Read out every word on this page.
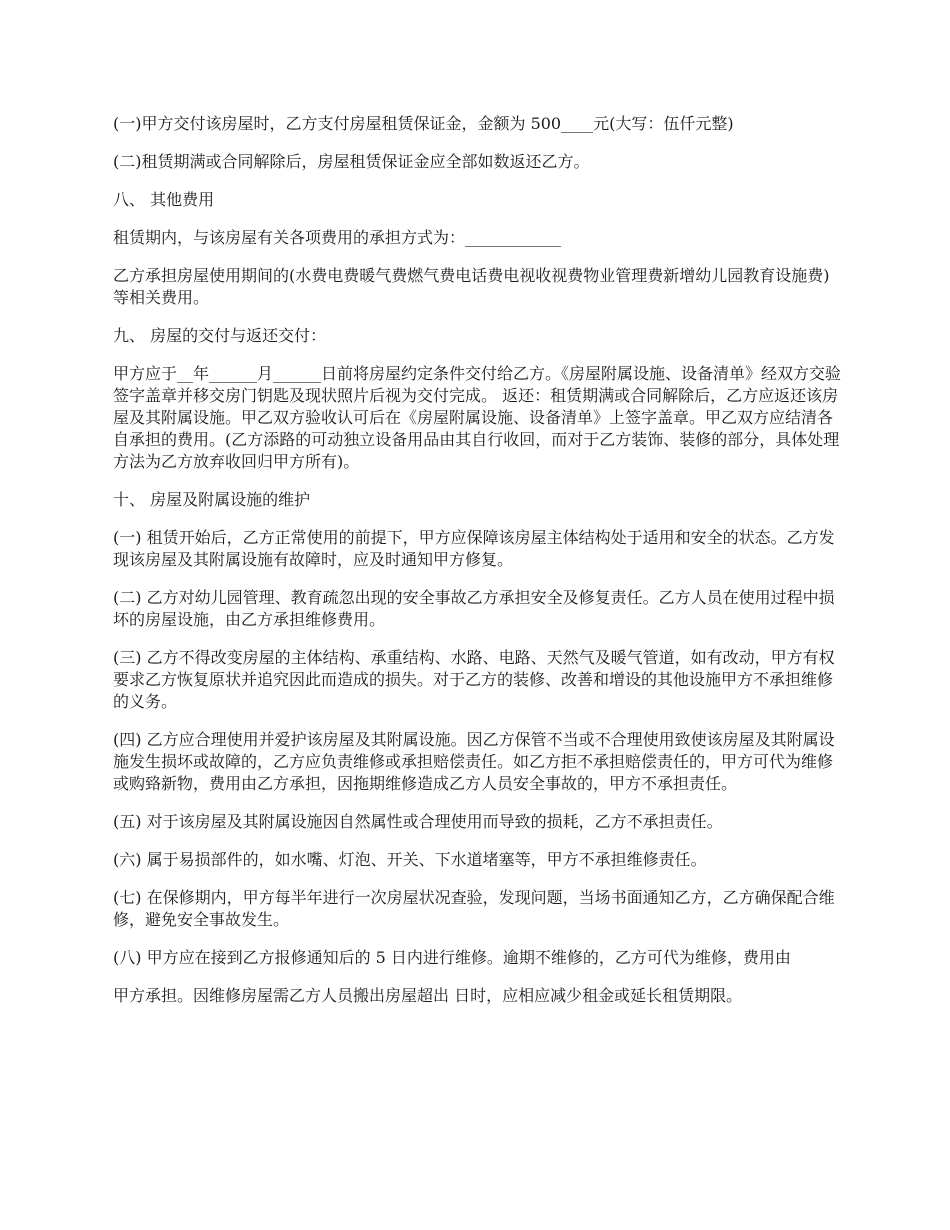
(一)甲方交付该房屋时，乙方支付房屋租赁保证金，金额为 500____元(大写：伍仟元整)

(二)租赁期满或合同解除后，房屋租赁保证金应全部如数返还乙方。

八、 其他费用

租赁期内，与该房屋有关各项费用的承担方式为：____________

乙方承担房屋使用期间的(水费电费暖气费燃气费电话费电视收视费物业管理费新增幼儿园教育设施费)等相关费用。

九、 房屋的交付与返还交付：

甲方应于__年______月______日前将房屋约定条件交付给乙方。《房屋附属设施、设备清单》经双方交验签字盖章并移交房门钥匙及现状照片后视为交付完成。 返还：租赁期满或合同解除后，乙方应返还该房屋及其附属设施。甲乙双方验收认可后在《房屋附属设施、设备清单》上签字盖章。甲乙双方应结清各自承担的费用。(乙方添路的可动独立设备用品由其自行收回，而对于乙方装饰、装修的部分，具体处理方法为乙方放弃收回归甲方所有)。

十、 房屋及附属设施的维护

(一) 租赁开始后，乙方正常使用的前提下，甲方应保障该房屋主体结构处于适用和安全的状态。乙方发现该房屋及其附属设施有故障时，应及时通知甲方修复。

(二) 乙方对幼儿园管理、教育疏忽出现的安全事故乙方承担安全及修复责任。乙方人员在使用过程中损坏的房屋设施，由乙方承担维修费用。

(三) 乙方不得改变房屋的主体结构、承重结构、水路、电路、天然气及暖气管道，如有改动，甲方有权要求乙方恢复原状并追究因此而造成的损失。对于乙方的装修、改善和增设的其他设施甲方不承担维修的义务。

(四) 乙方应合理使用并爱护该房屋及其附属设施。因乙方保管不当或不合理使用致使该房屋及其附属设施发生损坏或故障的，乙方应负责维修或承担赔偿责任。如乙方拒不承担赔偿责任的，甲方可代为维修或购臵新物，费用由乙方承担，因拖期维修造成乙方人员安全事故的，甲方不承担责任。

(五) 对于该房屋及其附属设施因自然属性或合理使用而导致的损耗，乙方不承担责任。

(六) 属于易损部件的，如水嘴、灯泡、开关、下水道堵塞等，甲方不承担维修责任。

(七) 在保修期内，甲方每半年进行一次房屋状况查验，发现问题，当场书面通知乙方，乙方确保配合维修，避免安全事故发生。

(八) 甲方应在接到乙方报修通知后的 5 日内进行维修。逾期不维修的，乙方可代为维修，费用由

甲方承担。因维修房屋需乙方人员搬出房屋超出 日时，应相应减少租金或延长租赁期限。
